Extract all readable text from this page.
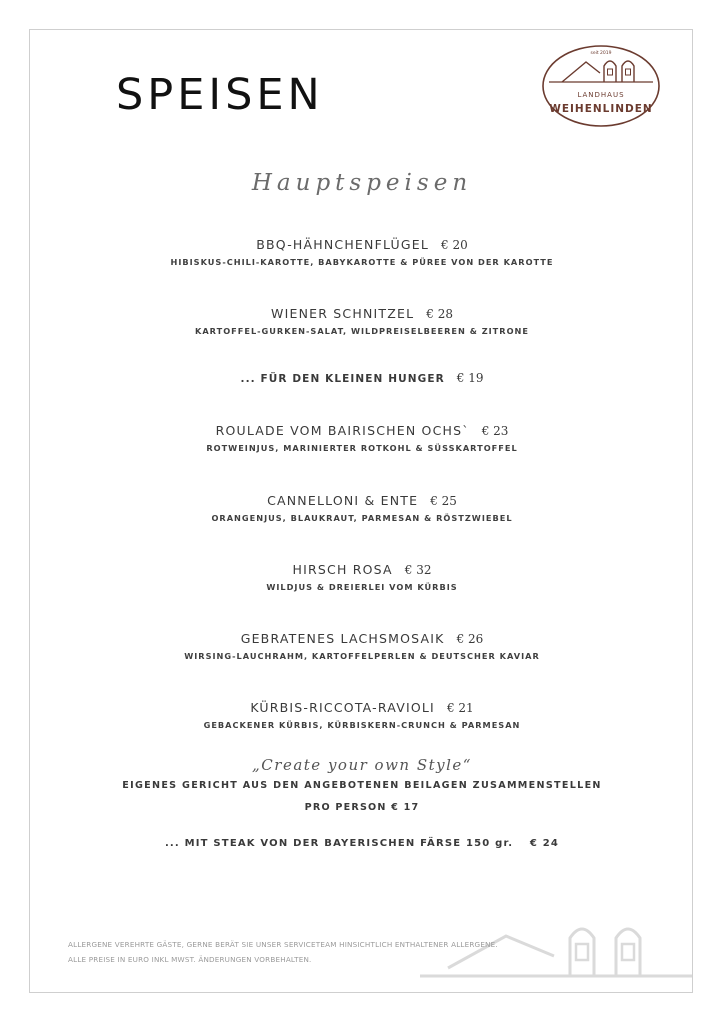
SPEISEN
seit 2019
LANDHAUS
WEIHENLINDEN
Hauptspeisen
BBQ-HÄHNCHENFLÜGEL € 20
HIBISKUS-CHILI-KAROTTE, BABYKAROTTE & PÜREE VON DER KAROTTE
WIENER SCHNITZEL € 28
KARTOFFEL-GURKEN-SALAT, WILDPREISELBEEREN & ZITRONE
... FÜR DEN KLEINEN HUNGER € 19
ROULADE VOM BAIRISCHEN OCHS` € 23
ROTWEINJUS, MARINIERTER ROTKOHL & SÜSSKARTOFFEL
CANNELLONI & ENTE € 25
ORANGENJUS, BLAUKRAUT, PARMESAN & RÖSTZWIEBEL
HIRSCH ROSA € 32
WILDJUS & DREIERLEI VOM KÜRBIS
GEBRATENES LACHSMOSAIK € 26
WIRSING-LAUCHRAHM, KARTOFFELPERLEN & DEUTSCHER KAVIAR
KÜRBIS-RICCOTA-RAVIOLI € 21
GEBACKENER KÜRBIS, KÜRBISKERN-CRUNCH & PARMESAN
„Create your own Style“
EIGENES GERICHT AUS DEN ANGEBOTENEN BEILAGEN ZUSAMMENSTELLEN
PRO PERSON € 17
... MIT STEAK VON DER BAYERISCHEN FÄRSE 150 gr. € 24
ALLERGENE VEREHRTE GÄSTE, GERNE BERÄT SIE UNSER SERVICETEAM HINSICHTLICH ENTHALTENER ALLERGENE.
ALLE PREISE IN EURO INKL MWST. ÄNDERUNGEN VORBEHALTEN.
